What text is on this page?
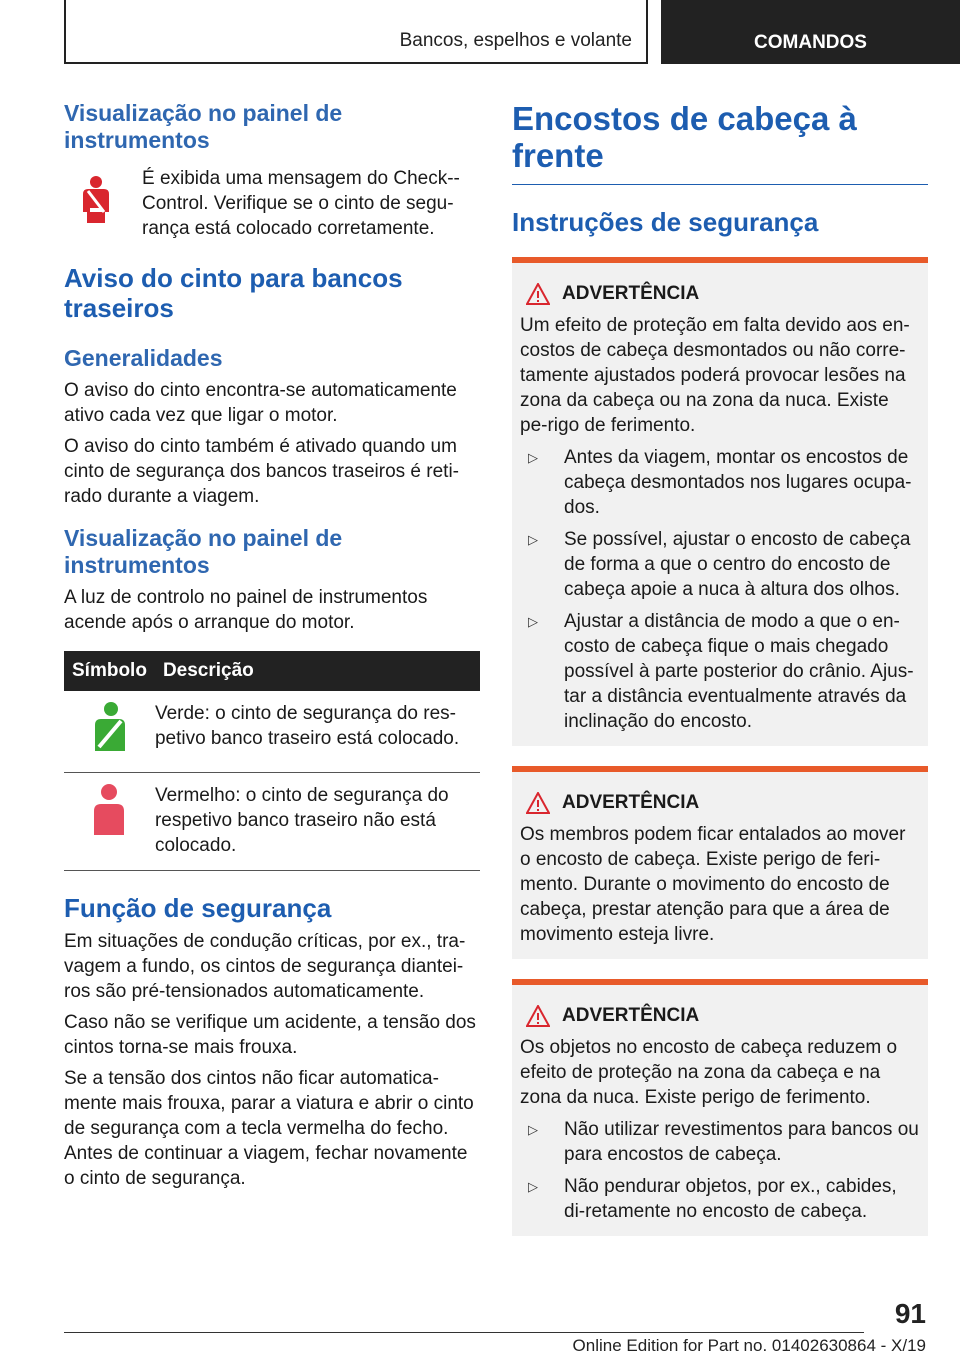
Bancos, espelhos e volante	COMANDOS
Visualização no painel de instrumentos

É exibida uma mensagem do Check--Control. Verifique se o cinto de segu-rança está colocado corretamente.

Aviso do cinto para bancos traseiros
Generalidades

O aviso do cinto encontra-se automaticamente ativo cada vez que ligar o motor.

O aviso do cinto também é ativado quando um cinto de segurança dos bancos traseiros é reti-rado durante a viagem.

Visualização no painel de instrumentos

A luz de controlo no painel de instrumentos acende após o arranque do motor.

Símbolo	Descrição

Verde: o cinto de segurança do res-petivo banco traseiro está colocado.

Vermelho: o cinto de segurança do respetivo banco traseiro não está colocado.

Função de segurança

Em situações de condução críticas, por ex., tra-vagem a fundo, os cintos de segurança diantei-ros são pré-tensionados automaticamente.

Caso não se verifique um acidente, a tensão dos cintos torna-se mais frouxa.

Se a tensão dos cintos não ficar automatica-mente mais frouxa, parar a viatura e abrir o cinto de segurança com a tecla vermelha do fecho. Antes de continuar a viagem, fechar novamente o cinto de segurança.

Encostos de cabeça à frente
Instruções de segurança
ADVERTÊNCIA

Um efeito de proteção em falta devido aos en-costos de cabeça desmontados ou não corre-tamente ajustados poderá provocar lesões na zona da cabeça ou na zona da nuca. Existe pe-rigo de ferimento.

▷	Antes da viagem, montar os encostos de cabeça desmontados nos lugares ocupa-dos.

▷	Se possível, ajustar o encosto de cabeça de forma a que o centro do encosto de cabeça apoie a nuca à altura dos olhos.

▷	Ajustar a distância de modo a que o en-costo de cabeça fique o mais chegado possível à parte posterior do crânio. Ajus-tar a distância eventualmente através da inclinação do encosto.

ADVERTÊNCIA

Os membros podem ficar entalados ao mover o encosto de cabeça. Existe perigo de feri-mento. Durante o movimento do encosto de cabeça, prestar atenção para que a área de movimento esteja livre.

ADVERTÊNCIA

Os objetos no encosto de cabeça reduzem o efeito de proteção na zona da cabeça e na zona da nuca. Existe perigo de ferimento.

▷	Não utilizar revestimentos para bancos ou para encostos de cabeça.

▷	Não pendurar objetos, por ex., cabides, di-retamente no encosto de cabeça.

91
Online Edition for Part no. 01402630864 - X/19
